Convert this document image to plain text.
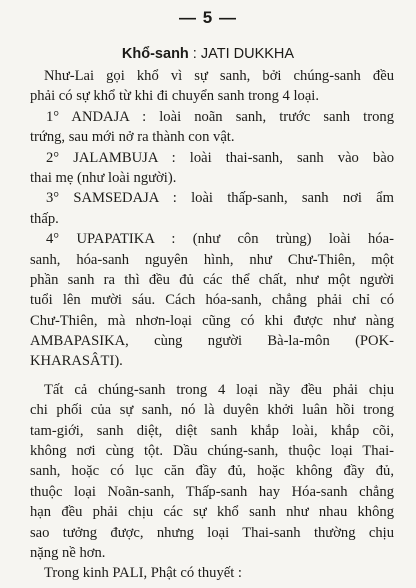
— 5 —
Khổ-sanh : JATI DUKKHA
Như-Lai gọi khổ vì sự sanh, bởi chúng-sanh đều
phải có sự khổ từ khi đi chuyển sanh trong 4 loại.
1° ANDAJA : loài noãn sanh, trước sanh trong
trứng, sau mới nở ra thành con vật.
2° JALAMBUJA : loài thai-sanh, sanh vào bào
thai mẹ (như loài người).
3° SAMSEDAJA : loài thấp-sanh, sanh nơi ẩm
thấp.
4° UPAPATIKA : (như côn trùng) loài hóa-
sanh, hóa-sanh nguyên hình, như Chư-Thiên, một
phần sanh ra thì đều đủ các thể chất, như một người
tuổi lên mười sáu. Cách hóa-sanh, chẳng phải chỉ có
Chư-Thiên, mà nhơn-loại cũng có khi được như nàng
AMBAPASIKA, cùng người Bà-la-môn (POK-
KHARASÂTI).
Tất cả chúng-sanh trong 4 loại nầy đều phải chịu
chi phối của sự sanh, nó là duyên khởi luân hồi trong
tam-giới, sanh diệt, diệt sanh khắp loài, khắp cõi,
không nơi cùng tột. Dầu chúng-sanh, thuộc loại Thai-
sanh, hoặc có lục căn đầy đủ, hoặc không đầy đủ,
thuộc loại Noãn-sanh, Thấp-sanh hay Hóa-sanh chẳng
hạn đều phải chịu các sự khổ sanh như nhau không
sao tưởng được, nhưng loại Thai-sanh thường chịu
nặng nề hơn.
Trong kinh PALI, Phật có thuyết :
